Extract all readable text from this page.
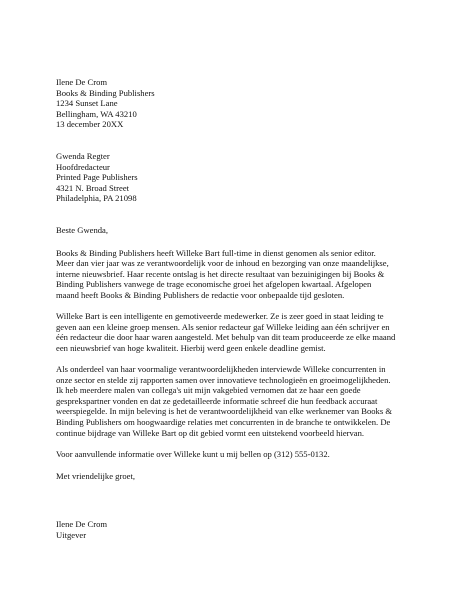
Ilene De Crom
Books & Binding Publishers
1234 Sunset Lane
Bellingham, WA 43210
13 december 20XX
Gwenda Regter
Hoofdredacteur
Printed Page Publishers
4321 N. Broad Street
Philadelphia, PA 21098

Beste Gwenda,

Books & Binding Publishers heeft Willeke Bart full-time in dienst genomen als senior editor. Meer dan vier jaar was ze verantwoordelijk voor de inhoud en bezorging van onze maandelijkse, interne nieuwsbrief. Haar recente ontslag is het directe resultaat van bezuinigingen bij Books & Binding Publishers vanwege de trage economische groei het afgelopen kwartaal. Afgelopen maand heeft Books & Binding Publishers de redactie voor onbepaalde tijd gesloten.

Willeke Bart is een intelligente en gemotiveerde medewerker. Ze is zeer goed in staat leiding te geven aan een kleine groep mensen. Als senior redacteur gaf Willeke leiding aan één schrijver en één redacteur die door haar waren aangesteld. Met behulp van dit team produceerde ze elke maand een nieuwsbrief van hoge kwaliteit. Hierbij werd geen enkele deadline gemist.

Als onderdeel van haar voormalige verantwoordelijkheden interviewde Willeke concurrenten in onze sector en stelde zij rapporten samen over innovatieve technologieën en groeimogelijkheden. Ik heb meerdere malen van collega's uit mijn vakgebied vernomen dat ze haar een goede gesprekspartner vonden en dat ze gedetailleerde informatie schreef die hun feedback accuraat weerspiegelde. In mijn beleving is het de verantwoordelijkheid van elke werknemer van Books & Binding Publishers om hoogwaardige relaties met concurrenten in de branche te ontwikkelen. De continue bijdrage van Willeke Bart op dit gebied vormt een uitstekend voorbeeld hiervan.

Voor aanvullende informatie over Willeke kunt u mij bellen op (312) 555-0132.

Met vriendelijke groet,

Ilene De Crom
Uitgever
